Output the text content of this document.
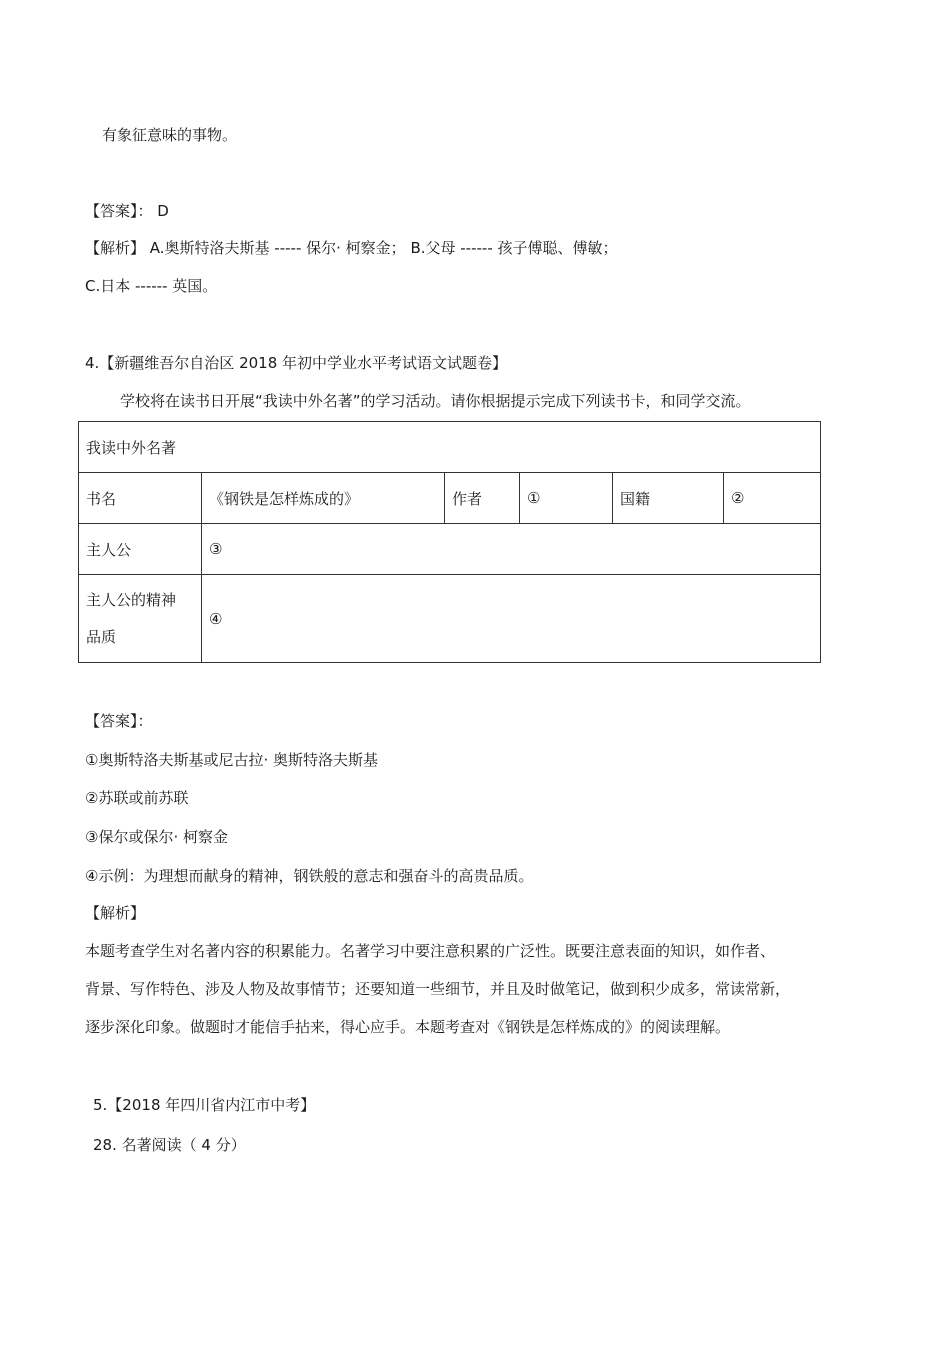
有象征意味的事物。
【答案】： D
【解析】 A.奥斯特洛夫斯基 ----- 保尔· 柯察金； B.父母 ------ 孩子傅聪、傅敏；
C.日本 ------ 英国。
4.【新疆维吾尔自治区 2018 年初中学业水平考试语文试题卷】
学校将在读书日开展“我读中外名著”的学习活动。请你根据提示完成下列读书卡，和同学交流。
我读中外名著					
书名	《钢铁是怎样炼成的》	作者	①	国籍	②
主人公	③				

主人公的精神
品质	④				
【答案】：
①奥斯特洛夫斯基或尼古拉· 奥斯特洛夫斯基
②苏联或前苏联
③保尔或保尔· 柯察金
④示例：为理想而献身的精神，钢铁般的意志和强奋斗的高贵品质。
【解析】
本题考查学生对名著内容的积累能力。名著学习中要注意积累的广泛性。既要注意表面的知识，如作者、
背景、写作特色、涉及人物及故事情节；还要知道一些细节，并且及时做笔记，做到积少成多，常读常新，
逐步深化印象。做题时才能信手拈来，得心应手。本题考查对《钢铁是怎样炼成的》的阅读理解。
5.【2018 年四川省内江市中考】
28. 名著阅读（ 4 分）
